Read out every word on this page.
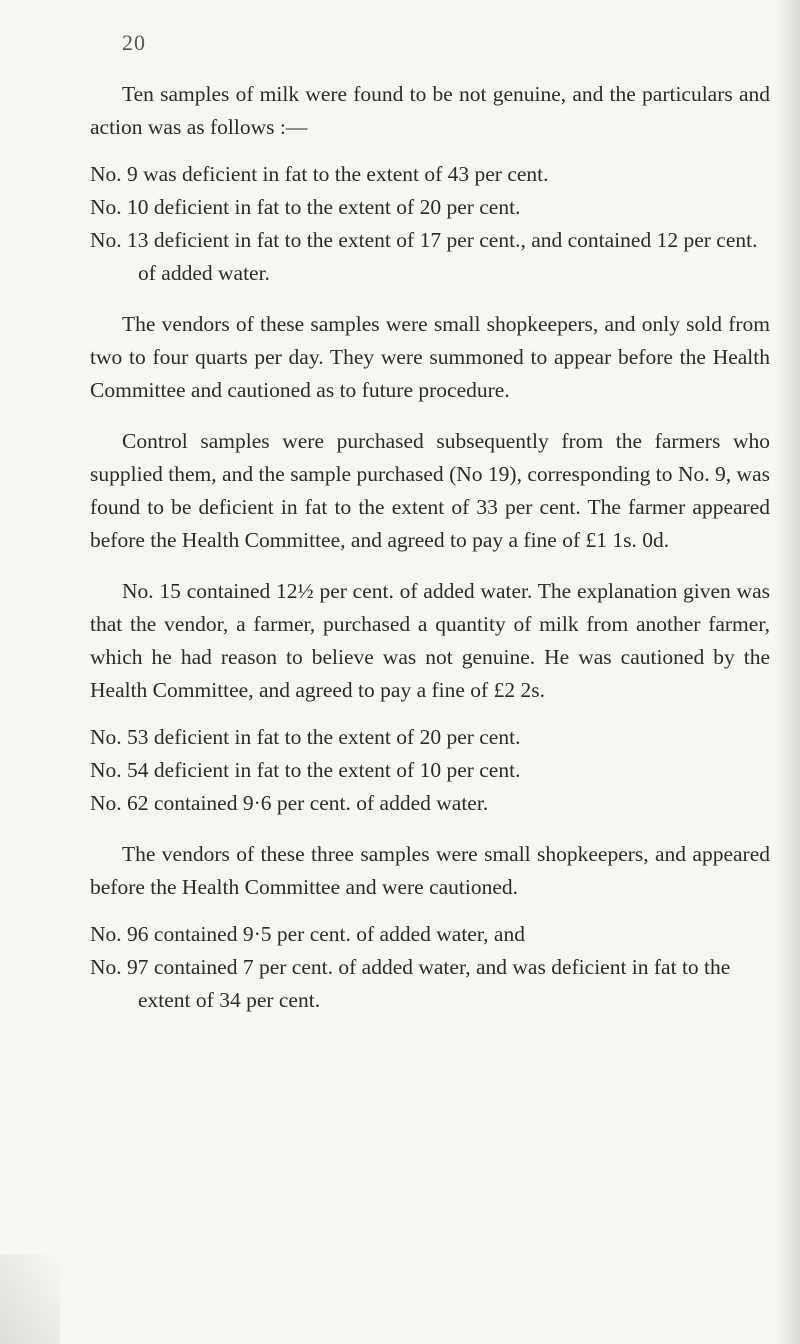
20

Ten samples of milk were found to be not genuine, and the particulars and action was as follows :—

No. 9 was deficient in fat to the extent of 43 per cent.

No. 10 deficient in fat to the extent of 20 per cent.

No. 13 deficient in fat to the extent of 17 per cent., and contained 12 per cent. of added water.

The vendors of these samples were small shopkeepers, and only sold from two to four quarts per day. They were summoned to appear before the Health Committee and cautioned as to future procedure.

Control samples were purchased subsequently from the farmers who supplied them, and the sample purchased (No 19), corresponding to No. 9, was found to be deficient in fat to the extent of 33 per cent. The farmer appeared before the Health Committee, and agreed to pay a fine of £1 1s. 0d.

No. 15 contained 12½ per cent. of added water. The explanation given was that the vendor, a farmer, purchased a quantity of milk from another farmer, which he had reason to believe was not genuine. He was cautioned by the Health Committee, and agreed to pay a fine of £2 2s.

No. 53 deficient in fat to the extent of 20 per cent.

No. 54 deficient in fat to the extent of 10 per cent.

No. 62 contained 9·6 per cent. of added water.

The vendors of these three samples were small shopkeepers, and appeared before the Health Committee and were cautioned.

No. 96 contained 9·5 per cent. of added water, and

No. 97 contained 7 per cent. of added water, and was deficient in fat to the extent of 34 per cent.
